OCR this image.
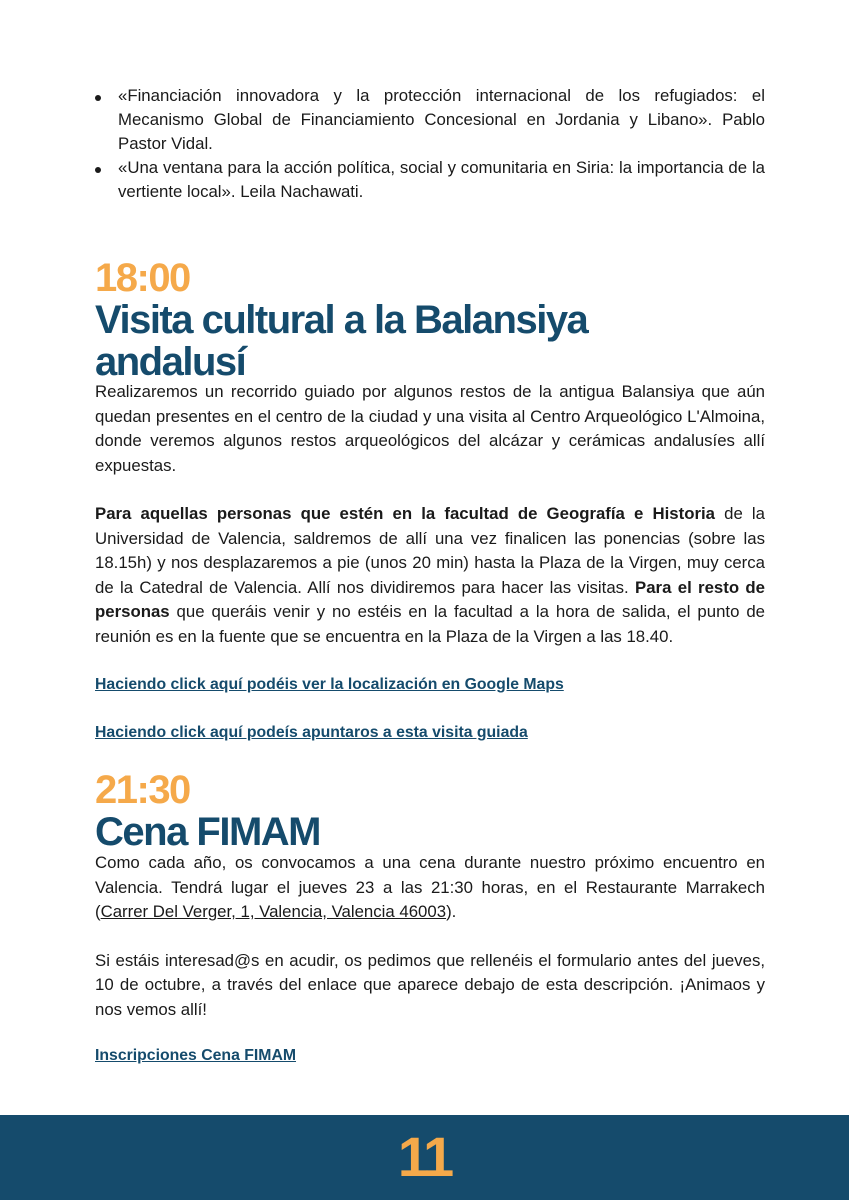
«Financiación innovadora y la protección internacional de los refugiados: el Mecanismo Global de Financiamiento Concesional en Jordania y Libano». Pablo Pastor Vidal.
«Una ventana para la acción política, social y comunitaria en Siria: la importancia de la vertiente local». Leila Nachawati.
18:00
Visita cultural a la Balansiya
andalusí

Realizaremos un recorrido guiado por algunos restos de la antigua Balansiya que aún quedan presentes en el centro de la ciudad y una visita al Centro Arqueológico L'Almoina, donde veremos algunos restos arqueológicos del alcázar y cerámicas andalusíes allí expuestas.

Para aquellas personas que estén en la facultad de Geografía e Historia de la Universidad de Valencia, saldremos de allí una vez finalicen las ponencias (sobre las 18.15h) y nos desplazaremos a pie (unos 20 min) hasta la Plaza de la Virgen, muy cerca de la Catedral de Valencia. Allí nos dividiremos para hacer las visitas. Para el resto de personas que queráis venir y no estéis en la facultad a la hora de salida, el punto de reunión es en la fuente que se encuentra en la Plaza de la Virgen a las 18.40.

Haciendo click aquí podéis ver la localización en Google Maps
Haciendo click aquí podeís apuntaros a esta visita guiada
21:30
Cena FIMAM

Como cada año, os convocamos a una cena durante nuestro próximo encuentro en Valencia. Tendrá lugar el jueves 23 a las 21:30 horas, en el Restaurante Marrakech (Carrer Del Verger, 1, Valencia, Valencia 46003).

Si estáis interesad@s en acudir, os pedimos que rellenéis el formulario antes del jueves, 10 de octubre, a través del enlace que aparece debajo de esta descripción. ¡Animaos y nos vemos allí!

Inscripciones Cena FIMAM
11
